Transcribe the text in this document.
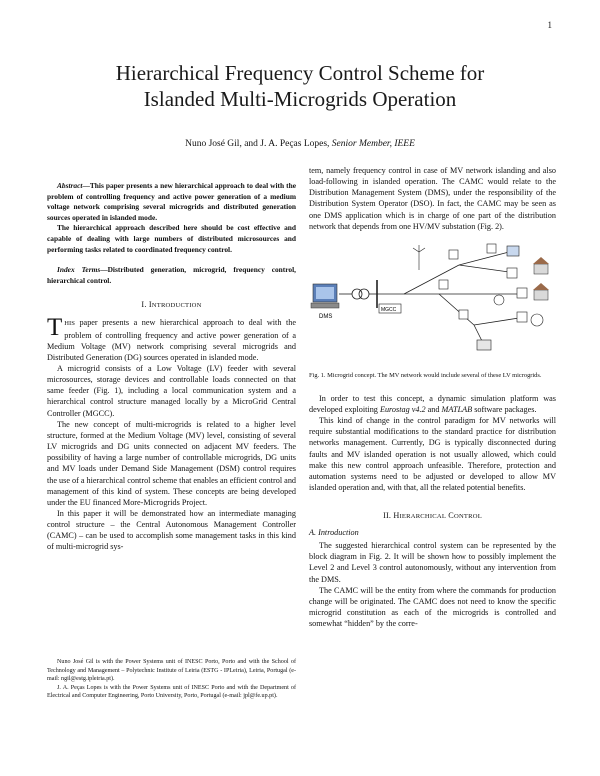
1
Hierarchical Frequency Control Scheme for
Islanded Multi-Microgrids Operation
Nuno José Gil, and J. A. Peças Lopes, Senior Member, IEEE

Abstract—This paper presents a new hierarchical approach to deal with the problem of controlling frequency and active power generation of a medium voltage network comprising several microgrids and distributed generation sources operated in islanded mode.

The hierarchical approach described here should be cost effective and capable of dealing with large numbers of distributed microsources and performing tasks related to coordinated frequency control.

Index Terms—Distributed generation, microgrid, frequency control, hierarchical control.

I. INTRODUCTION

THIS paper presents a new hierarchical approach to deal with the problem of controlling frequency and active power generation of a Medium Voltage (MV) network comprising several microgrids and Distributed Generation (DG) sources operated in islanded mode.

A microgrid consists of a Low Voltage (LV) feeder with several microsources, storage devices and controllable loads connected on that same feeder (Fig. 1), including a local communication system and a hierarchical control structure managed locally by a MicroGrid Central Controller (MGCC).

The new concept of multi-microgrids is related to a higher level structure, formed at the Medium Voltage (MV) level, consisting of several LV microgrids and DG units connected on adjacent MV feeders. The possibility of having a large number of controllable microgrids, DG units and MV loads under Demand Side Management (DSM) control requires the use of a hierarchical control scheme that enables an efficient control and management of this kind of system. These concepts are being developed under the EU financed More-Microgrids Project.

In this paper it will be demonstrated how an intermediate managing control structure – the Central Autonomous Management Controller (CAMC) – can be used to accomplish some management tasks in this kind of multi-microgrid sys-

Nuno José Gil is with the Power Systems unit of INESC Porto, Porto and with the School of Technology and Management – Polytechnic Institute of Leiria (ESTG - IPLeiria), Leiria, Portugal (e-mail: ngil@estg.ipleiria.pt).

J. A. Peças Lopes is with the Power Systems unit of INESC Porto and with the Department of Electrical and Computer Engineering, Porto University, Porto, Portugal (e-mail: jpl@fe.up.pt).

tem, namely frequency control in case of MV network islanding and also load-following in islanded operation. The CAMC would relate to the Distribution Management System (DMS), under the responsibility of the Distribution System Operator (DSO). In fact, the CAMC may be seen as one DMS application which is in charge of one part of the distribution network that depends from one HV/MV substation (Fig. 2).

DMS
MGCC

Fig. 1. Microgrid concept. The MV network would include several of these LV microgrids.

In order to test this concept, a dynamic simulation platform was developed exploiting Eurostag v4.2 and MATLAB software packages.

This kind of change in the control paradigm for MV networks will require substantial modifications to the standard practice for distribution networks management. Currently, DG is typically disconnected during faults and MV islanded operation is not usually allowed, which could make this new control approach unfeasible. Therefore, protection and automation systems need to be adjusted or developed to allow MV islanded operation and, with that, all the related potential benefits.

II. HIERARCHICAL CONTROL
A. Introduction

The suggested hierarchical control system can be represented by the block diagram in Fig. 2. It will be shown how to possibly implement the Level 2 and Level 3 control autonomously, without any intervention from the DMS.

The CAMC will be the entity from where the commands for production change will be originated. The CAMC does not need to know the specific microgrid constitution as each of the microgrids is controlled and somewhat “hidden” by the corre-
